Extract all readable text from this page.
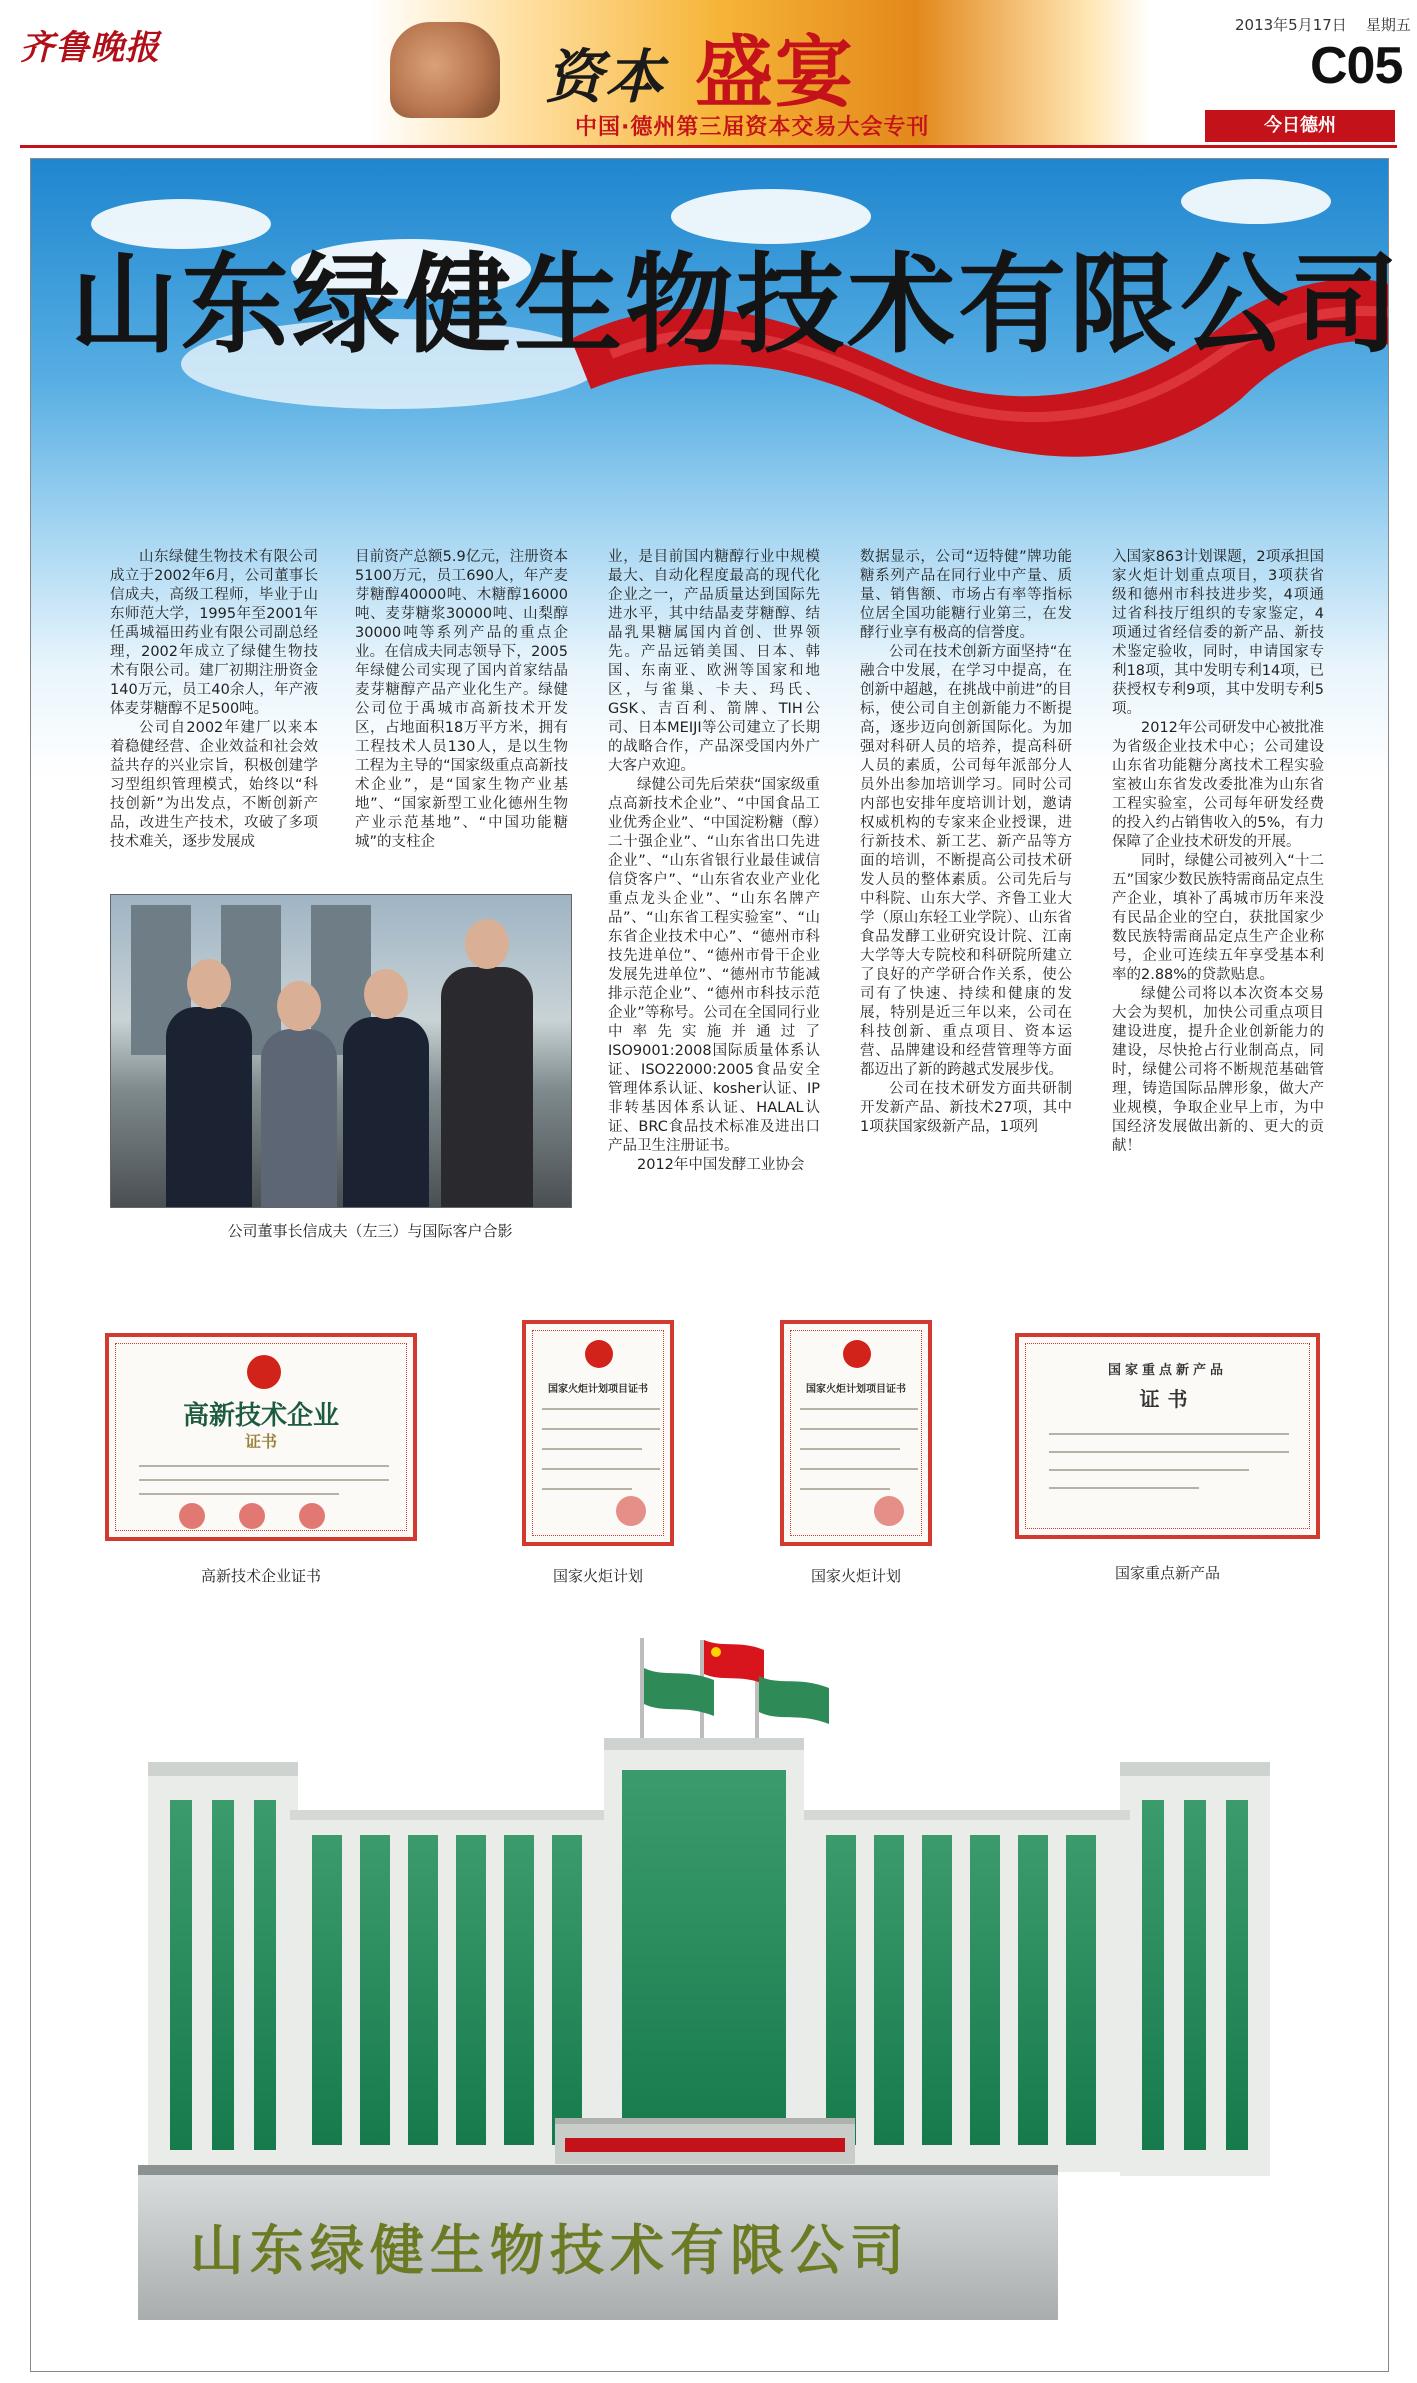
齐鲁晚报	资本 盛宴
中国·德州第三届资本交易大会专刊
2013年5月17日 星期五
C05
今日德州
山东绿健生物技术有限公司

山东绿健生物技术有限公司成立于2002年6月，公司董事长信成夫，高级工程师，毕业于山东师范大学，1995年至2001年任禹城福田药业有限公司副总经理，2002年成立了绿健生物技术有限公司。建厂初期注册资金140万元，员工40余人，年产液体麦芽糖醇不足500吨。

公司自2002年建厂以来本着稳健经营、企业效益和社会效益共存的兴业宗旨，积极创建学习型组织管理模式，始终以“科技创新”为出发点，不断创新产品，改进生产技术，攻破了多项技术难关，逐步发展成

目前资产总额5.9亿元，注册资本5100万元，员工690人，年产麦芽糖醇40000吨、木糖醇16000吨、麦芽糖浆30000吨、山梨醇30000吨等系列产品的重点企业。在信成夫同志领导下，2005年绿健公司实现了国内首家结晶麦芽糖醇产品产业化生产。绿健公司位于禹城市高新技术开发区，占地面积18万平方米，拥有工程技术人员130人，是以生物工程为主导的“国家级重点高新技术企业”，是“国家生物产业基地”、“国家新型工业化德州生物产业示范基地”、“中国功能糖城”的支柱企

业，是目前国内糖醇行业中规模最大、自动化程度最高的现代化企业之一，产品质量达到国际先进水平，其中结晶麦芽糖醇、结晶乳果糖属国内首创、世界领先。产品远销美国、日本、韩国、东南亚、欧洲等国家和地区，与雀巢、卡夫、玛氏、GSK、吉百利、箭牌、TIH公司、日本MEIJI等公司建立了长期的战略合作，产品深受国内外广大客户欢迎。

绿健公司先后荣获“国家级重点高新技术企业”、“中国食品工业优秀企业”、“中国淀粉糖（醇）二十强企业”、“山东省出口先进企业”、“山东省银行业最佳诚信信贷客户”、“山东省农业产业化重点龙头企业”、“山东名牌产品”、“山东省工程实验室”、“山东省企业技术中心”、“德州市科技先进单位”、“德州市骨干企业发展先进单位”、“德州市节能减排示范企业”、“德州市科技示范企业”等称号。公司在全国同行业中率先实施并通过了ISO9001:2008国际质量体系认证、ISO22000:2005食品安全管理体系认证、kosher认证、IP非转基因体系认证、HALAL认证、BRC食品技术标准及进出口产品卫生注册证书。

2012年中国发酵工业协会

数据显示，公司“迈特健”牌功能糖系列产品在同行业中产量、质量、销售额、市场占有率等指标位居全国功能糖行业第三，在发酵行业享有极高的信誉度。

公司在技术创新方面坚持“在融合中发展，在学习中提高，在创新中超越，在挑战中前进”的目标，使公司自主创新能力不断提高，逐步迈向创新国际化。为加强对科研人员的培养，提高科研人员的素质，公司每年派部分人员外出参加培训学习。同时公司内部也安排年度培训计划，邀请权威机构的专家来企业授课，进行新技术、新工艺、新产品等方面的培训，不断提高公司技术研发人员的整体素质。公司先后与中科院、山东大学、齐鲁工业大学（原山东轻工业学院）、山东省食品发酵工业研究设计院、江南大学等大专院校和科研院所建立了良好的产学研合作关系，使公司有了快速、持续和健康的发展，特别是近三年以来，公司在科技创新、重点项目、资本运营、品牌建设和经营管理等方面都迈出了新的跨越式发展步伐。

公司在技术研发方面共研制开发新产品、新技术27项，其中1项获国家级新产品，1项列

入国家863计划课题，2项承担国家火炬计划重点项目，3项获省级和德州市科技进步奖，4项通过省科技厅组织的专家鉴定，4项通过省经信委的新产品、新技术鉴定验收，同时，申请国家专利18项，其中发明专利14项，已获授权专利9项，其中发明专利5项。

2012年公司研发中心被批准为省级企业技术中心；公司建设山东省功能糖分离技术工程实验室被山东省发改委批准为山东省工程实验室，公司每年研发经费的投入约占销售收入的5%，有力保障了企业技术研发的开展。

同时，绿健公司被列入“十二五”国家少数民族特需商品定点生产企业，填补了禹城市历年来没有民品企业的空白，获批国家少数民族特需商品定点生产企业称号，企业可连续五年享受基本利率的2.88%的贷款贴息。

绿健公司将以本次资本交易大会为契机，加快公司重点项目建设进度，提升企业创新能力的建设，尽快抢占行业制高点，同时，绿健公司将不断规范基础管理，铸造国际品牌形象，做大产业规模，争取企业早上市，为中国经济发展做出新的、更大的贡献！

公司董事长信成夫（左三）与国际客户合影
高新技术企业
证书
高新技术企业证书
国家火炬计划项目证书
国家火炬计划
国家火炬计划项目证书
国家火炬计划
国家重点新产品
证书
国家重点新产品
山东绿健生物技术有限公司
